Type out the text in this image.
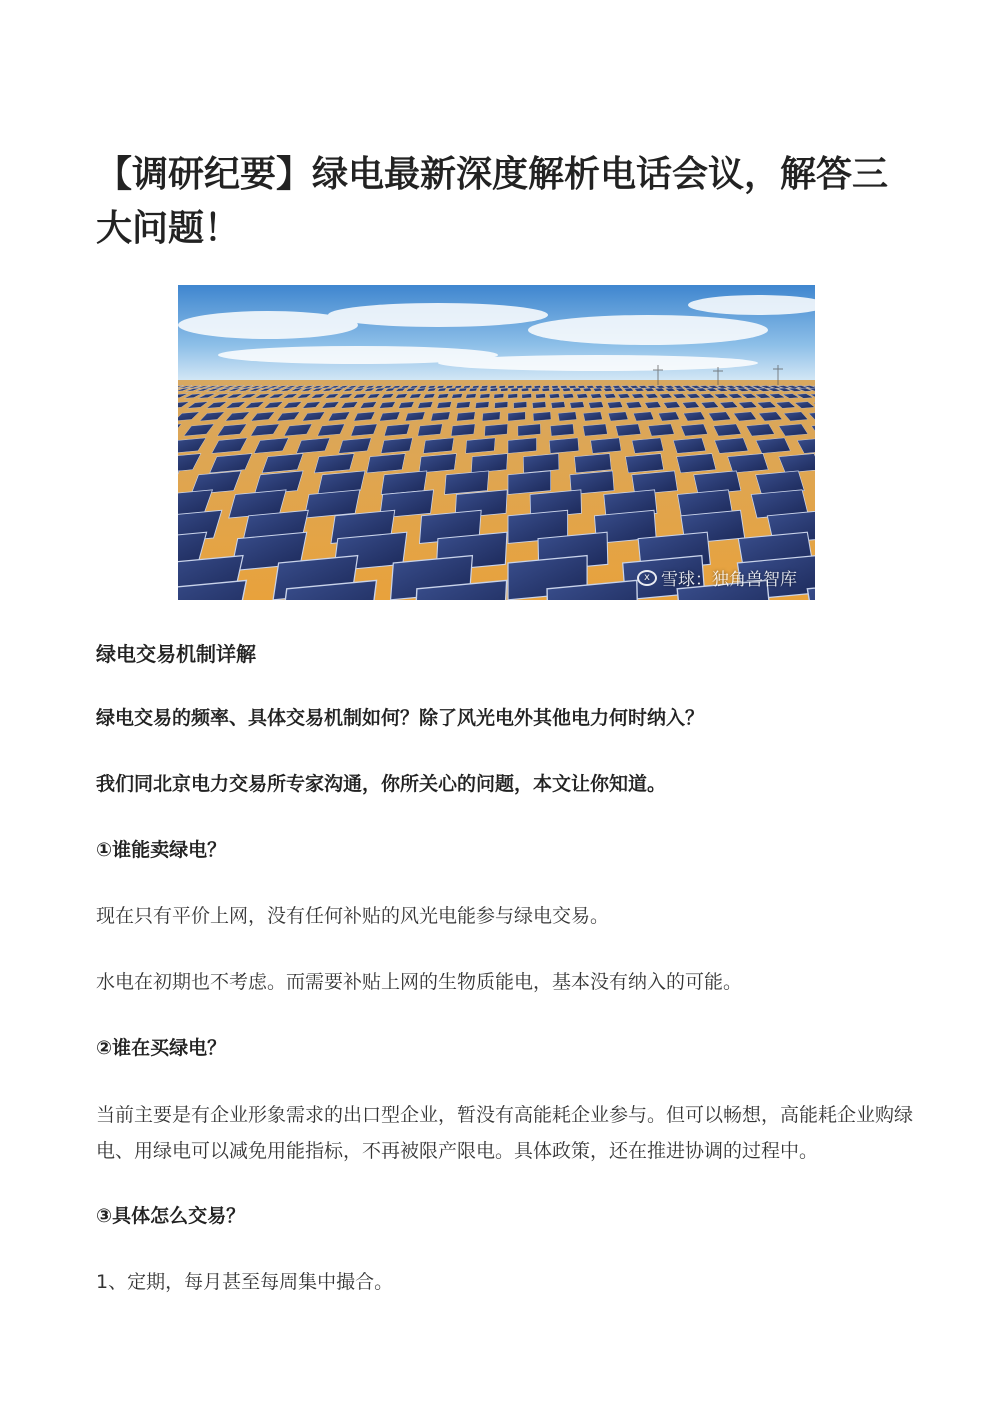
【调研纪要】绿电最新深度解析电话会议，解答三大问题！
x 雪球：独角兽智库

绿电交易机制详解

绿电交易的频率、具体交易机制如何？除了风光电外其他电力何时纳入？

我们同北京电力交易所专家沟通，你所关心的问题，本文让你知道。

①谁能卖绿电？

现在只有平价上网，没有任何补贴的风光电能参与绿电交易。

水电在初期也不考虑。而需要补贴上网的生物质能电，基本没有纳入的可能。

②谁在买绿电？

当前主要是有企业形象需求的出口型企业，暂没有高能耗企业参与。但可以畅想，高能耗企业购绿电、用绿电可以减免用能指标，不再被限产限电。具体政策，还在推进协调的过程中。

③具体怎么交易？

1、定期，每月甚至每周集中撮合。
